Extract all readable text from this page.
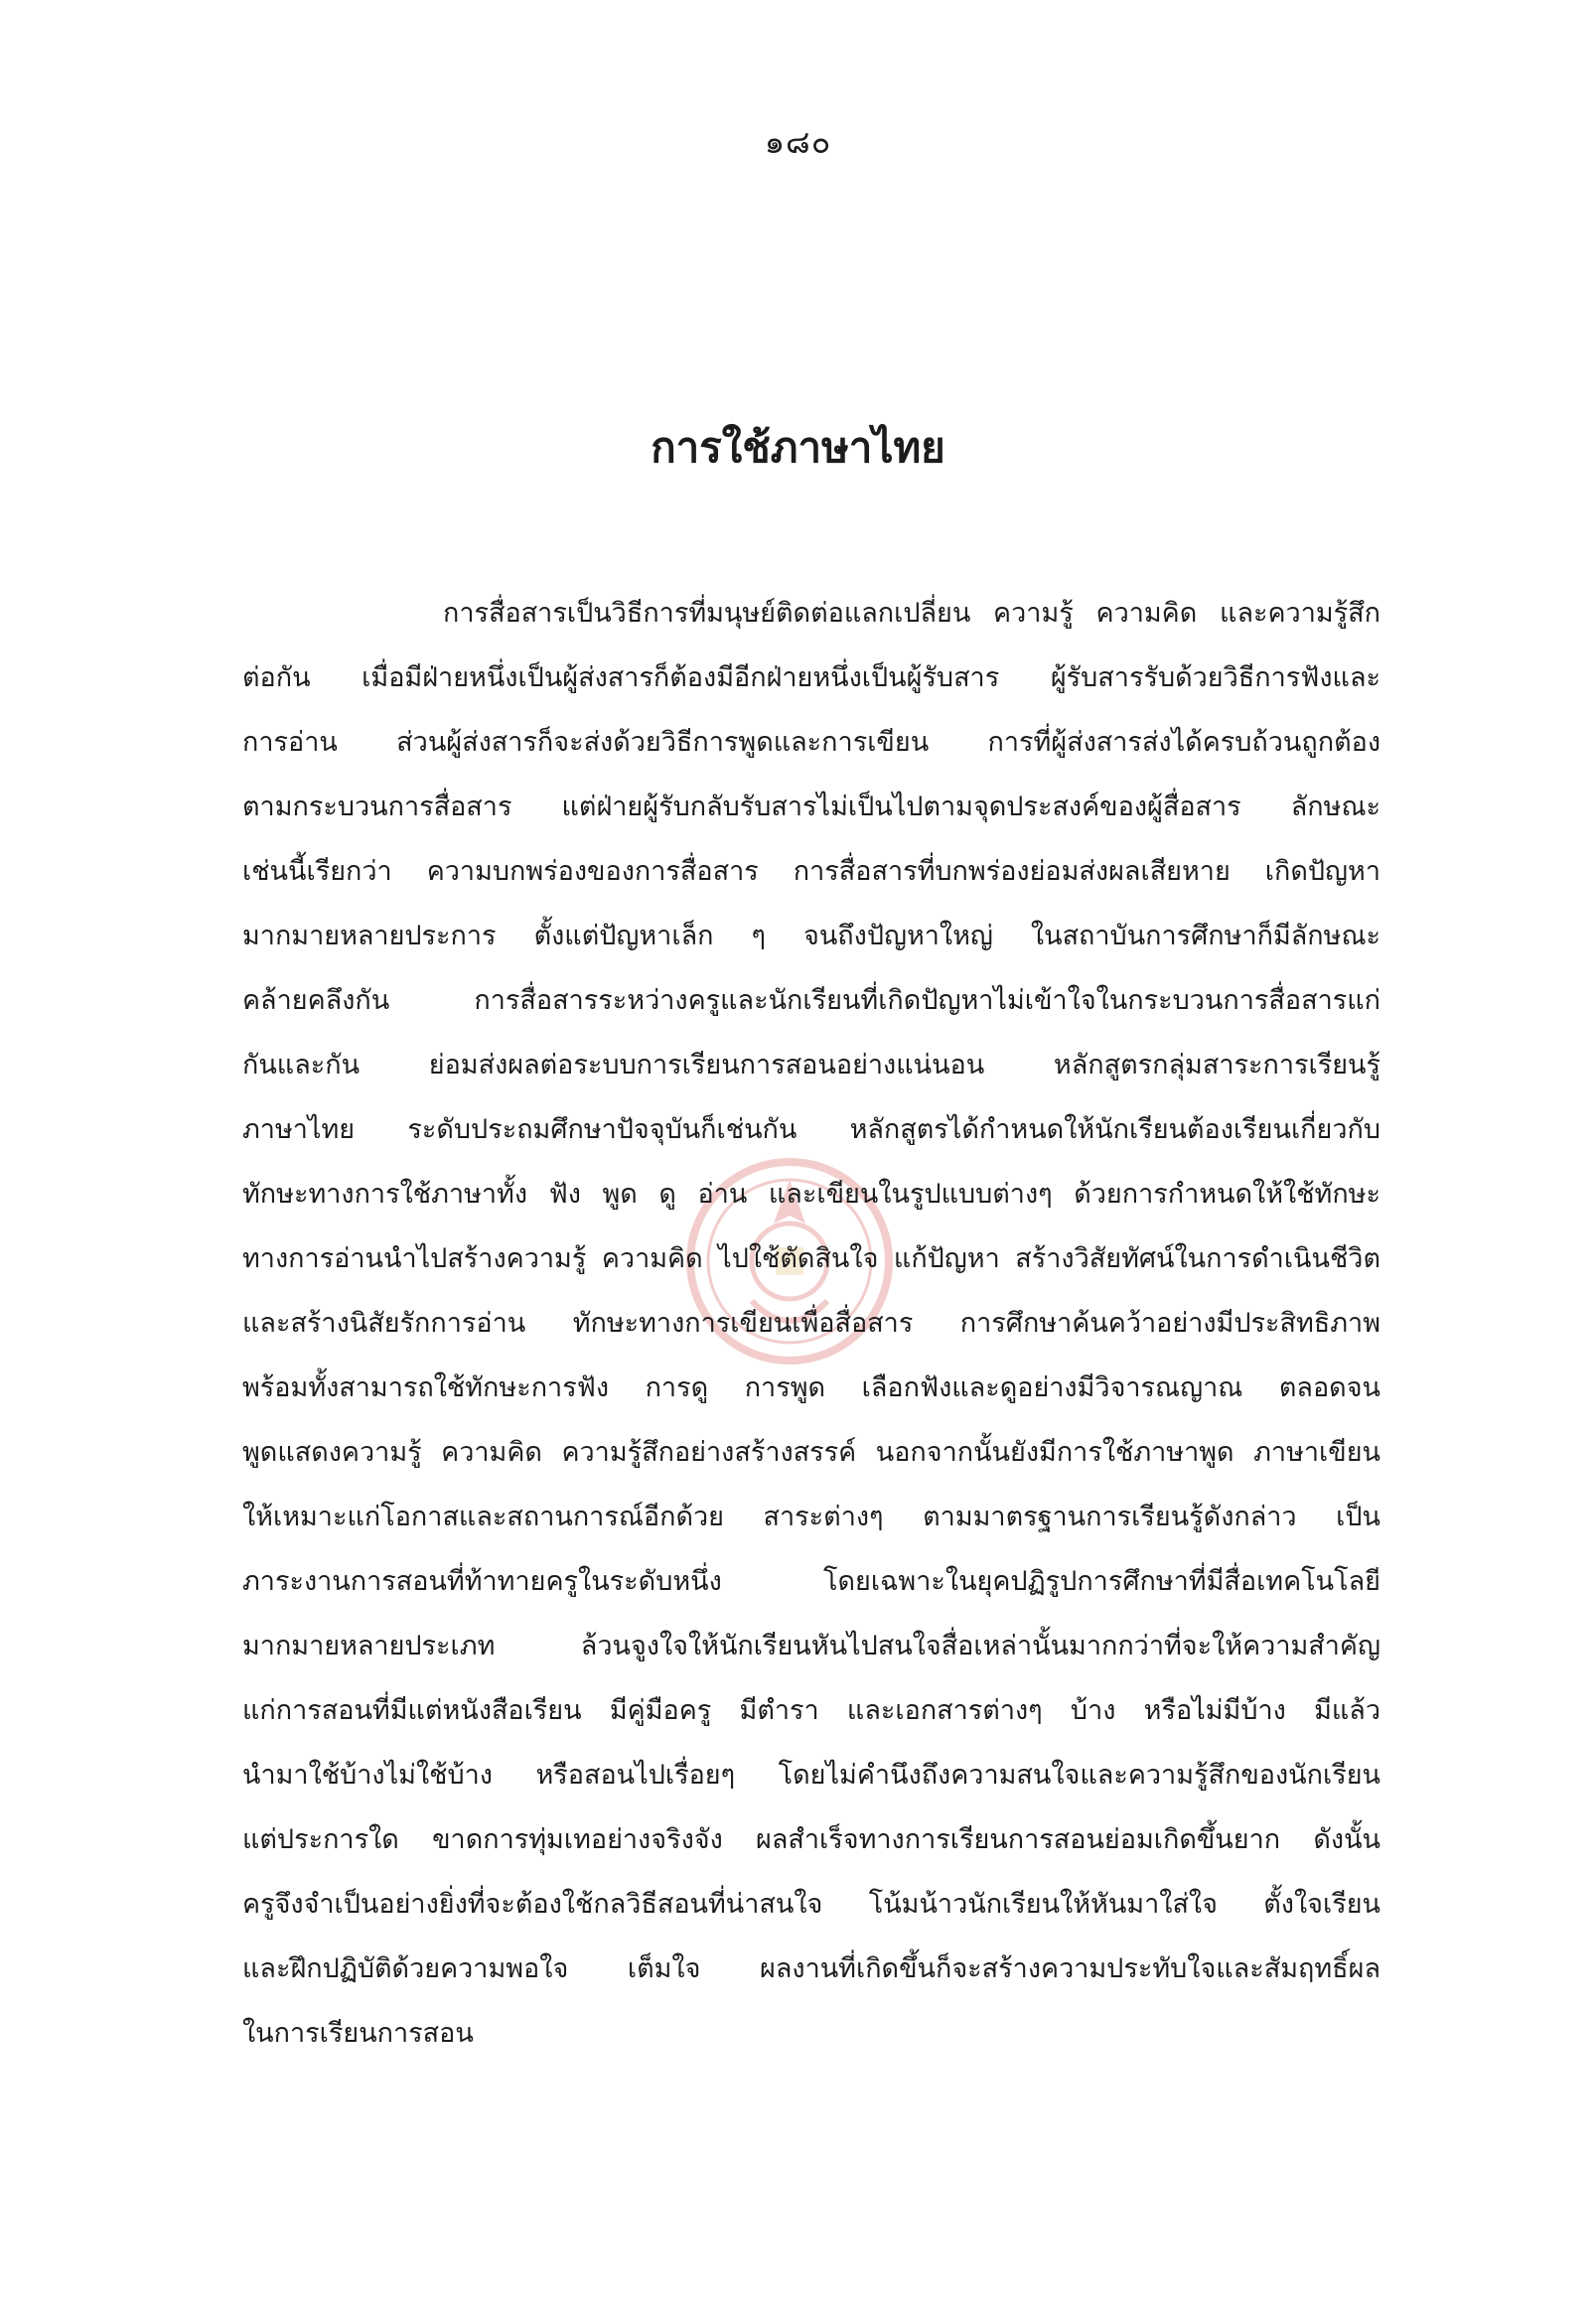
๑๘๐
การใช้ภาษาไทย
การสื่อสารเป็นวิธีการที่มนุษย์ติดต่อแลกเปลี่ยน ความรู้ ความคิด และความรู้สึก
ต่อกัน เมื่อมีฝ่ายหนึ่งเป็นผู้ส่งสารก็ต้องมีอีกฝ่ายหนึ่งเป็นผู้รับสาร ผู้รับสารรับด้วยวิธีการฟังและ
การอ่าน ส่วนผู้ส่งสารก็จะส่งด้วยวิธีการพูดและการเขียน การที่ผู้ส่งสารส่งได้ครบถ้วนถูกต้อง
ตามกระบวนการสื่อสาร แต่ฝ่ายผู้รับกลับรับสารไม่เป็นไปตามจุดประสงค์ของผู้สื่อสาร ลักษณะ
เช่นนี้เรียกว่า ความบกพร่องของการสื่อสาร การสื่อสารที่บกพร่องย่อมส่งผลเสียหาย เกิดปัญหา
มากมายหลายประการ ตั้งแต่ปัญหาเล็ก ๆ จนถึงปัญหาใหญ่ ในสถาบันการศึกษาก็มีลักษณะ
คล้ายคลึงกัน การสื่อสารระหว่างครูและนักเรียนที่เกิดปัญหาไม่เข้าใจในกระบวนการสื่อสารแก่
กันและกัน ย่อมส่งผลต่อระบบการเรียนการสอนอย่างแน่นอน หลักสูตรกลุ่มสาระการเรียนรู้
ภาษาไทย ระดับประถมศึกษาปัจจุบันก็เช่นกัน หลักสูตรได้กำหนดให้นักเรียนต้องเรียนเกี่ยวกับ
ทักษะทางการใช้ภาษาทั้ง ฟัง พูด ดู อ่าน และเขียนในรูปแบบต่างๆ ด้วยการกำหนดให้ใช้ทักษะ
ทางการอ่านนำไปสร้างความรู้ ความคิด ไปใช้ตัดสินใจ แก้ปัญหา สร้างวิสัยทัศน์ในการดำเนินชีวิต
และสร้างนิสัยรักการอ่าน ทักษะทางการเขียนเพื่อสื่อสาร การศึกษาค้นคว้าอย่างมีประสิทธิภาพ
พร้อมทั้งสามารถใช้ทักษะการฟัง การดู การพูด เลือกฟังและดูอย่างมีวิจารณญาณ ตลอดจน
พูดแสดงความรู้ ความคิด ความรู้สึกอย่างสร้างสรรค์ นอกจากนั้นยังมีการใช้ภาษาพูด ภาษาเขียน
ให้เหมาะแก่โอกาสและสถานการณ์อีกด้วย สาระต่างๆ ตามมาตรฐานการเรียนรู้ดังกล่าว เป็น
ภาระงานการสอนที่ท้าทายครูในระดับหนึ่ง โดยเฉพาะในยุคปฏิรูปการศึกษาที่มีสื่อเทคโนโลยี
มากมายหลายประเภท ล้วนจูงใจให้นักเรียนหันไปสนใจสื่อเหล่านั้นมากกว่าที่จะให้ความสำคัญ
แก่การสอนที่มีแต่หนังสือเรียน มีคู่มือครู มีตำรา และเอกสารต่างๆ บ้าง หรือไม่มีบ้าง มีแล้ว
นำมาใช้บ้างไม่ใช้บ้าง หรือสอนไปเรื่อยๆ โดยไม่คำนึงถึงความสนใจและความรู้สึกของนักเรียน
แต่ประการใด ขาดการทุ่มเทอย่างจริงจัง ผลสำเร็จทางการเรียนการสอนย่อมเกิดขึ้นยาก ดังนั้น
ครูจึงจำเป็นอย่างยิ่งที่จะต้องใช้กลวิธีสอนที่น่าสนใจ โน้มน้าวนักเรียนให้หันมาใส่ใจ ตั้งใจเรียน
และฝึกปฏิบัติด้วยความพอใจ เต็มใจ ผลงานที่เกิดขึ้นก็จะสร้างความประทับใจและสัมฤทธิ์ผล
ในการเรียนการสอน
